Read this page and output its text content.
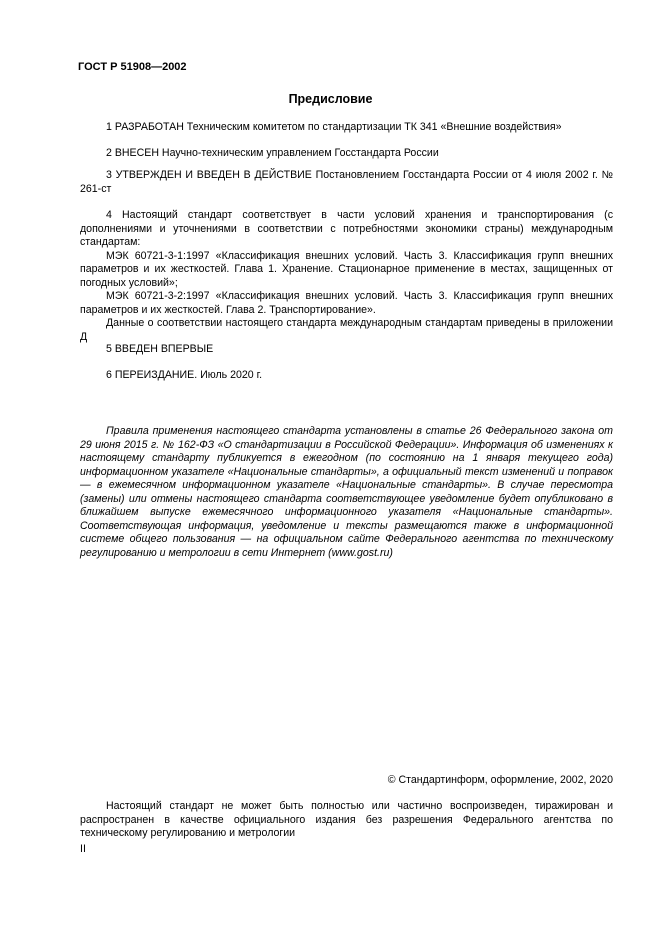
ГОСТ Р 51908—2002
Предисловие

1 РАЗРАБОТАН Техническим комитетом по стандартизации ТК 341 «Внешние воздействия»

2 ВНЕСЕН Научно-техническим управлением Госстандарта России

3 УТВЕРЖДЕН И ВВЕДЕН В ДЕЙСТВИЕ Постановлением Госстандарта России от 4 июля 2002 г. № 261-ст

4 Настоящий стандарт соответствует в части условий хранения и транспортирования (с дополнениями и уточнениями в соответствии с потребностями экономики страны) международным стандартам:

МЭК 60721-3-1:1997 «Классификация внешних условий. Часть 3. Классификация групп внешних параметров и их жесткостей. Глава 1. Хранение. Стационарное применение в местах, защищенных от погодных условий»;

МЭК 60721-3-2:1997 «Классификация внешних условий. Часть 3. Классификация групп внешних параметров и их жесткостей. Глава 2. Транспортирование».

Данные о соответствии настоящего стандарта международным стандартам приведены в приложении Д

5 ВВЕДЕН ВПЕРВЫЕ

6 ПЕРЕИЗДАНИЕ. Июль 2020 г.

Правила применения настоящего стандарта установлены в статье 26 Федерального закона от 29 июня 2015 г. № 162-ФЗ «О стандартизации в Российской Федерации». Информация об изменениях к настоящему стандарту публикуется в ежегодном (по состоянию на 1 января текущего года) информационном указателе «Национальные стандарты», а официальный текст изменений и поправок — в ежемесячном информационном указателе «Национальные стандарты». В случае пересмотра (замены) или отмены настоящего стандарта соответствующее уведомление будет опубликовано в ближайшем выпуске ежемесячного информационного указателя «Национальные стандарты». Соответствующая информация, уведомление и тексты размещаются также в информационной системе общего пользования — на официальном сайте Федерального агентства по техническому регулированию и метрологии в сети Интернет (www.gost.ru)

© Стандартинформ, оформление, 2002, 2020

Настоящий стандарт не может быть полностью или частично воспроизведен, тиражирован и распространен в качестве официального издания без разрешения Федерального агентства по техническому регулированию и метрологии

II
